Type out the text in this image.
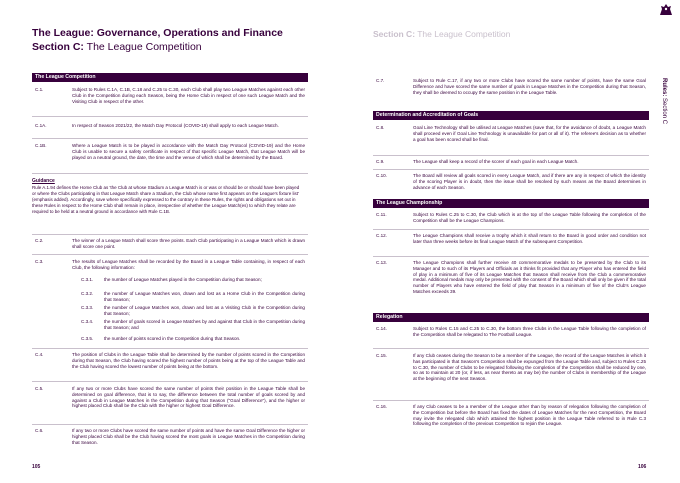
The League: Governance, Operations and Finance
Section C: The League Competition
The League Competition
C.1.	Subject to Rules C.1A, C.1B, C.18 and C.25 to C.30, each Club shall play two League Matches against each other Club in the Competition during each Season, being the Home Club in respect of one such League Match and the Visiting Club in respect of the other.
C.1A.	In respect of Season 2021/22, the Match Day Protocol (COVID-19) shall apply to each League Match.
C.1B.	Where a League Match is to be played in accordance with the Match Day Protocol (COVID-19) and the Home Club is unable to secure a safety certificate in respect of that specific League Match, that League Match will be played on a neutral ground, the date, the time and the venue of which shall be determined by the Board.
Guidance
Rule A.1.94 defines the Home Club as 'the Club at whose Stadium a League Match is or was or should be or should have been played or where the Clubs participating in that League Match share a Stadium, the Club whose name first appears on the League's fixture list' (emphasis added). Accordingly, save where specifically expressed to the contrary in these Rules, the rights and obligations set out in these Rules in respect to the Home Club shall remain in place, irrespective of whether the League Match(es) to which they relate are required to be held at a neutral ground in accordance with Rule C.1B.
C.2.	The winner of a League Match shall score three points. Each Club participating in a League Match which is drawn shall score one point.
C.3.	The results of League Matches shall be recorded by the Board in a League Table containing, in respect of each Club, the following information:
C.3.1. the number of League Matches played in the Competition during that Season;
C.3.2. the number of League Matches won, drawn and lost as a Home Club in the Competition during that Season;
C.3.3. the number of League Matches won, drawn and lost as a Visiting Club in the Competition during that Season;
C.3.4. the number of goals scored in League Matches by and against that Club in the Competition during that Season; and
C.3.5. the number of points scored in the Competition during that Season.
C.4.	The position of Clubs in the League Table shall be determined by the number of points scored in the Competition during that Season, the Club having scored the highest number of points being at the top of the League Table and the Club having scored the lowest number of points being at the bottom.
C.5.	If any two or more Clubs have scored the same number of points their position in the League Table shall be determined on goal difference, that is to say, the difference between the total number of goals scored by and against a Club in League Matches in the Competition during that Season ("Goal Difference"), and the higher or highest placed Club shall be the Club with the higher or highest Goal Difference.
C.6.	If any two or more Clubs have scored the same number of points and have the same Goal Difference the higher or highest placed Club shall be the Club having scored the most goals in League Matches in the Competition during that Season.
105
Section C: The League Competition
Rules: Section C
C.7.	Subject to Rule C.17, if any two or more Clubs have scored the same number of points, have the same Goal Difference and have scored the same number of goals in League Matches in the Competition during that Season, they shall be deemed to occupy the same position in the League Table.
Determination and Accreditation of Goals
C.8.	Goal Line Technology shall be utilised at League Matches (save that, for the avoidance of doubt, a League Match shall proceed even if Goal Line Technology is unavailable for part or all of it). The referee's decision as to whether a goal has been scored shall be final.
C.9.	The League shall keep a record of the scorer of each goal in each League Match.
C.10.	The Board will review all goals scored in every League Match, and if there are any in respect of which the identity of the scoring Player is in doubt, then the issue shall be resolved by such means as the Board determines in advance of each Season.
The League Championship
C.11.	Subject to Rules C.25 to C.30, the Club which is at the top of the League Table following the completion of the Competition shall be the League Champions.
C.12.	The League Champions shall receive a trophy which it shall return to the Board in good order and condition not later than three weeks before its final League Match of the subsequent Competition.
C.13.	The League Champions shall further receive 40 commemorative medals to be presented by the Club to its Manager and to such of its Players and Officials as it thinks fit provided that any Player who has entered the field of play in a minimum of five of its League Matches that Season shall receive from the Club a commemorative medal. Additional medals may only be presented with the consent of the Board which shall only be given if the total number of Players who have entered the field of play that Season in a minimum of five of the Club's League Matches exceeds 39.
Relegation
C.14.	Subject to Rules C.15 and C.25 to C.30, the bottom three Clubs in the League Table following the completion of the Competition shall be relegated to The Football League.
C.15.	If any Club ceases during the Season to be a member of the League, the record of the League Matches in which it has participated in that Season's Competition shall be expunged from the League Table and, subject to Rules C.25 to C.30, the number of Clubs to be relegated following the completion of the Competition shall be reduced by one, so as to maintain at 20 (or, if less, as near thereto as may be) the number of Clubs in membership of the League at the beginning of the next Season.
C.16.	If any Club ceases to be a member of the League other than by reason of relegation following the completion of the Competition but before the Board has fixed the dates of League Matches for the next Competition, the Board may invite the relegated club which attained the highest position in the League Table referred to in Rule C.3 following the completion of the previous Competition to rejoin the League.
106
